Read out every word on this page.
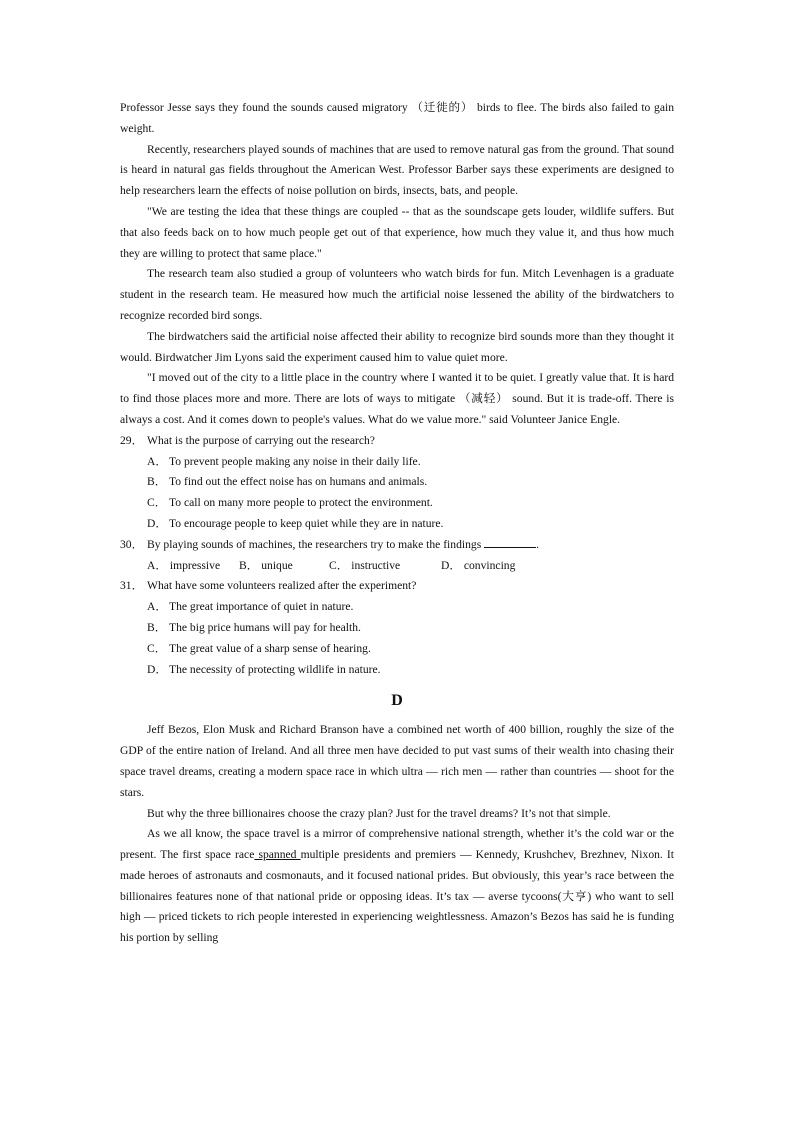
Professor Jesse says they found the sounds caused migratory （迁徙的） birds to flee. The birds also failed to gain weight.

Recently, researchers played sounds of machines that are used to remove natural gas from the ground. That sound is heard in natural gas fields throughout the American West. Professor Barber says these experiments are designed to help researchers learn the effects of noise pollution on birds, insects, bats, and people.

"We are testing the idea that these things are coupled -- that as the soundscape gets louder, wildlife suffers. But that also feeds back on to how much people get out of that experience, how much they value it, and thus how much they are willing to protect that same place."

The research team also studied a group of volunteers who watch birds for fun. Mitch Levenhagen is a graduate student in the research team. He measured how much the artificial noise lessened the ability of the birdwatchers to recognize recorded bird songs.

The birdwatchers said the artificial noise affected their ability to recognize bird sounds more than they thought it would. Birdwatcher Jim Lyons said the experiment caused him to value quiet more.

"I moved out of the city to a little place in the country where I wanted it to be quiet. I greatly value that. It is hard to find those places more and more. There are lots of ways to mitigate （减轻） sound. But it is trade-off. There is always a cost. And it comes down to people's values. What do we value more." said Volunteer Janice Engle.

29． What is the purpose of carrying out the research?

A． To prevent people making any noise in their daily life.

B． To find out the effect noise has on humans and animals.

C． To call on many more people to protect the environment.

D． To encourage people to keep quiet while they are in nature.

30． By playing sounds of machines, the researchers try to make the findings	.
A． impressive	B． unique	C． instructive	D． convincing
31． What have some volunteers realized after the experiment?

A． The great importance of quiet in nature.

B． The big price humans will pay for health.

C． The great value of a sharp sense of hearing.

D． The necessity of protecting wildlife in nature.

D

Jeff Bezos, Elon Musk and Richard Branson have a combined net worth of 400 billion, roughly the size of the GDP of the entire nation of Ireland. And all three men have decided to put vast sums of their wealth into chasing their space travel dreams, creating a modern space race in which ultra — rich men — rather than countries — shoot for the stars.

But why the three billionaires choose the crazy plan? Just for the travel dreams? It’s not that simple.

As we all know, the space travel is a mirror of comprehensive national strength, whether it’s the cold war or the present. The first space race spanned multiple presidents and premiers — Kennedy, Krushchev, Brezhnev, Nixon. It made heroes of astronauts and cosmonauts, and it focused national prides. But obviously, this year’s race between the billionaires features none of that national pride or opposing ideas. It’s tax — averse tycoons(大亨) who want to sell high — priced tickets to rich people interested in experiencing weightlessness. Amazon’s Bezos has said he is funding his portion by selling
